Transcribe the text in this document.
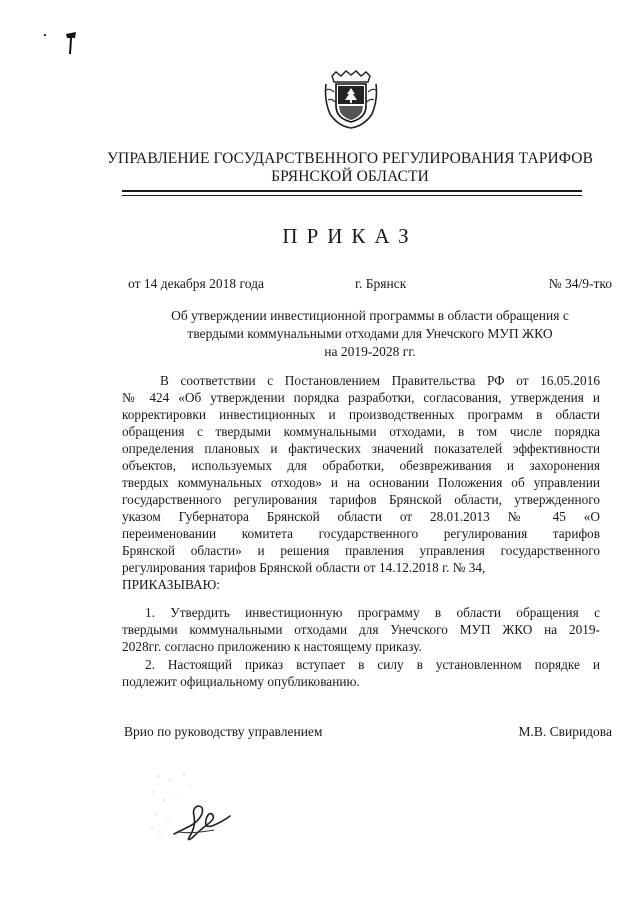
УПРАВЛЕНИЕ ГОСУДАРСТВЕННОГО РЕГУЛИРОВАНИЯ ТАРИФОВ
БРЯНСКОЙ ОБЛАСТИ
ПРИКАЗ
от 14 декабря 2018 года	г. Брянск	№ 34/9-тко
Об утверждении инвестиционной программы в области обращения с
твердыми коммунальными отходами для Унечского МУП ЖКО
на 2019-2028 гг.
В соответствии с Постановлением Правительства РФ от 16.05.2016
№ 424 «Об утверждении порядка разработки, согласования, утверждения и
корректировки инвестиционных и производственных программ в области
обращения с твердыми коммунальными отходами, в том числе порядка
определения плановых и фактических значений показателей эффективности
объектов, используемых для обработки, обезвреживания и захоронения
твердых коммунальных отходов» и на основании Положения об управлении
государственного регулирования тарифов Брянской области, утвержденного
указом Губернатора Брянской области от 28.01.2013 № 45 «О
переименовании комитета государственного регулирования тарифов
Брянской области» и решения правления управления государственного
регулирования тарифов Брянской области от 14.12.2018 г. № 34,
ПРИКАЗЫВАЮ:
1. Утвердить инвестиционную программу в области обращения с
твердыми коммунальными отходами для Унечского МУП ЖКО на 2019-
2028гг. согласно приложению к настоящему приказу.
2. Настоящий приказ вступает в силу в установленном порядке и
подлежит официальному опубликованию.
Врио по руководству управлением	М.В. Свиридова
